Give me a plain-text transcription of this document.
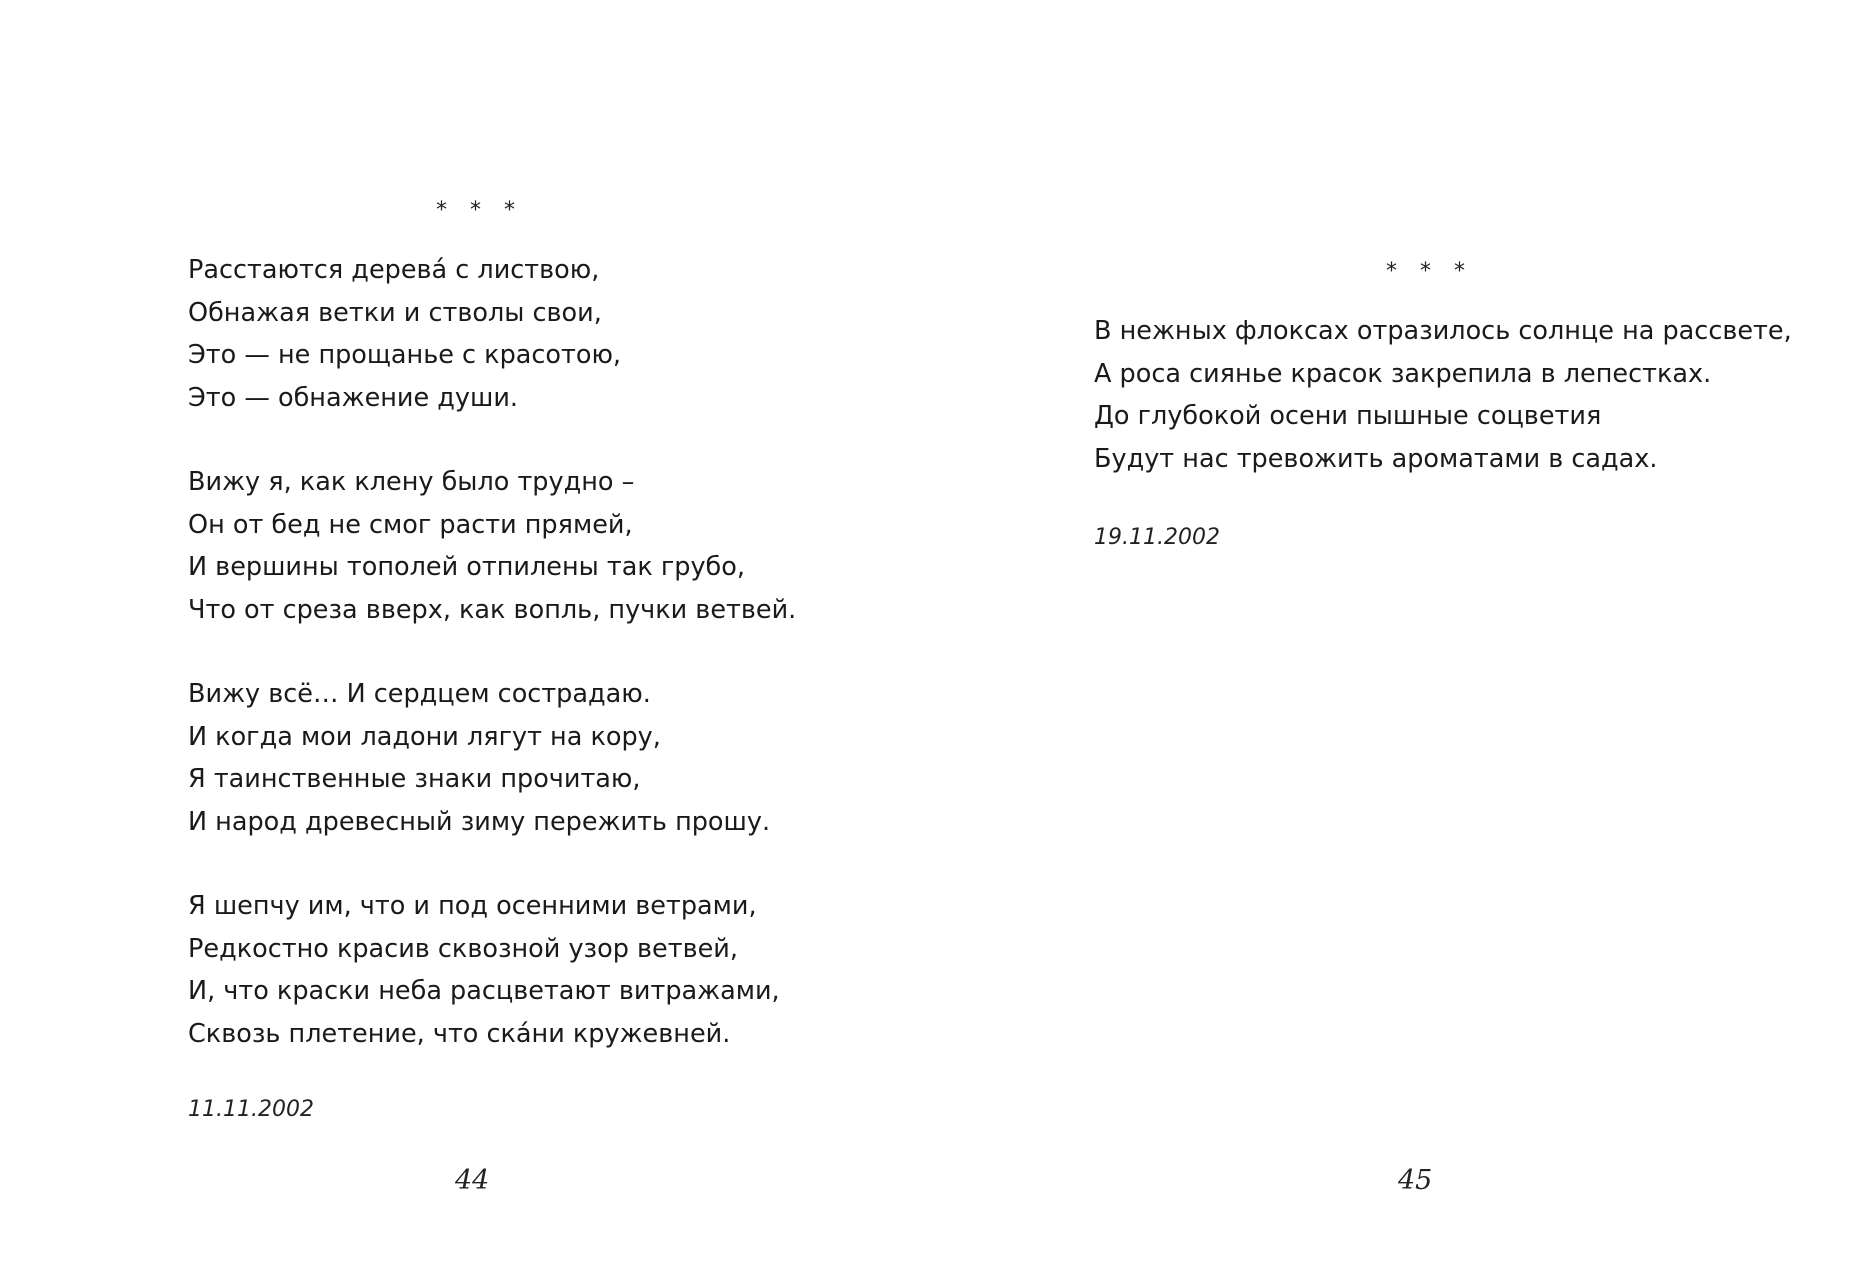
* * *
Расстаются дерева́ с листвою,
Обнажая ветки и стволы свои,
Это — не прощанье с красотою,
Это — обнажение души.
Вижу я, как клену было трудно –
Он от бед не смог расти прямей,
И вершины тополей отпилены так грубо,
Что от среза вверх, как вопль, пучки ветвей.
Вижу всё… И сердцем сострадаю.
И когда мои ладони лягут на кору,
Я таинственные знаки прочитаю,
И народ древесный зиму пережить прошу.
Я шепчу им, что и под осенними ветрами,
Редкостно красив сквозной узор ветвей,
И, что краски неба расцветают витражами,
Сквозь плетение, что ска́ни кружевней.
11.11.2002
44
* * *
В нежных флоксах отразилось солнце на рассвете,
А роса сиянье красок закрепила в лепестках.
До глубокой осени пышные соцветия
Будут нас тревожить ароматами в садах.
19.11.2002
45
